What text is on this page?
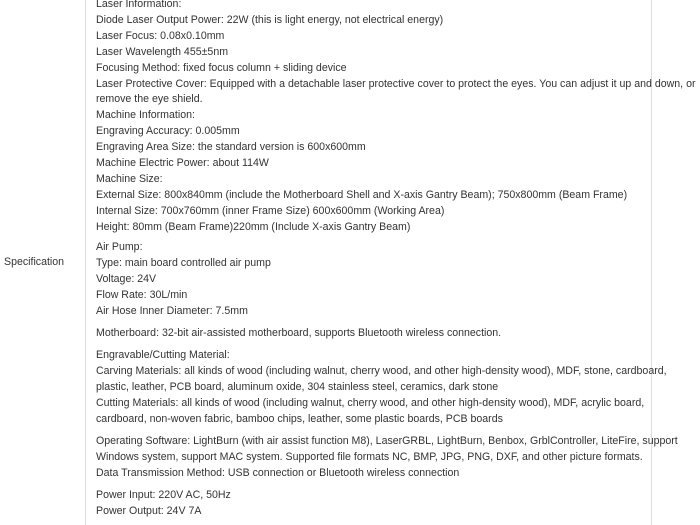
Specification
Laser Information:
Diode Laser Output Power: 22W (this is light energy, not electrical energy)
Laser Focus: 0.08x0.10mm
Laser Wavelength 455±5nm
Focusing Method: fixed focus column + sliding device
Laser Protective Cover: Equipped with a detachable laser protective cover to protect the eyes. You can adjust it up and down, or
remove the eye shield.
Machine Information:
Engraving Accuracy: 0.005mm
Engraving Area Size: the standard version is 600x600mm
Machine Electric Power: about 114W
Machine Size:
External Size: 800x840mm (include the Motherboard Shell and X-axis Gantry Beam); 750x800mm (Beam Frame)
Internal Size: 700x760mm (inner Frame Size) 600x600mm (Working Area)
Height: 80mm (Beam Frame)220mm (Include X-axis Gantry Beam)
Air Pump:
Type: main board controlled air pump
Voltage: 24V
Flow Rate: 30L/min
Air Hose Inner Diameter: 7.5mm
Motherboard: 32-bit air-assisted motherboard, supports Bluetooth wireless connection.
Engravable/Cutting Material:
Carving Materials: all kinds of wood (including walnut, cherry wood, and other high-density wood), MDF, stone, cardboard,
plastic, leather, PCB board, aluminum oxide, 304 stainless steel, ceramics, dark stone
Cutting Materials: all kinds of wood (including walnut, cherry wood, and other high-density wood), MDF, acrylic board,
cardboard, non-woven fabric, bamboo chips, leather, some plastic boards, PCB boards
Operating Software: LightBurn (with air assist function M8), LaserGRBL, LightBurn, Benbox, GrblController, LiteFire, support
Windows system, support MAC system. Supported file formats NC, BMP, JPG, PNG, DXF, and other picture formats.
Data Transmission Method: USB connection or Bluetooth wireless connection
Power Input: 220V AC, 50Hz
Power Output: 24V 7A
